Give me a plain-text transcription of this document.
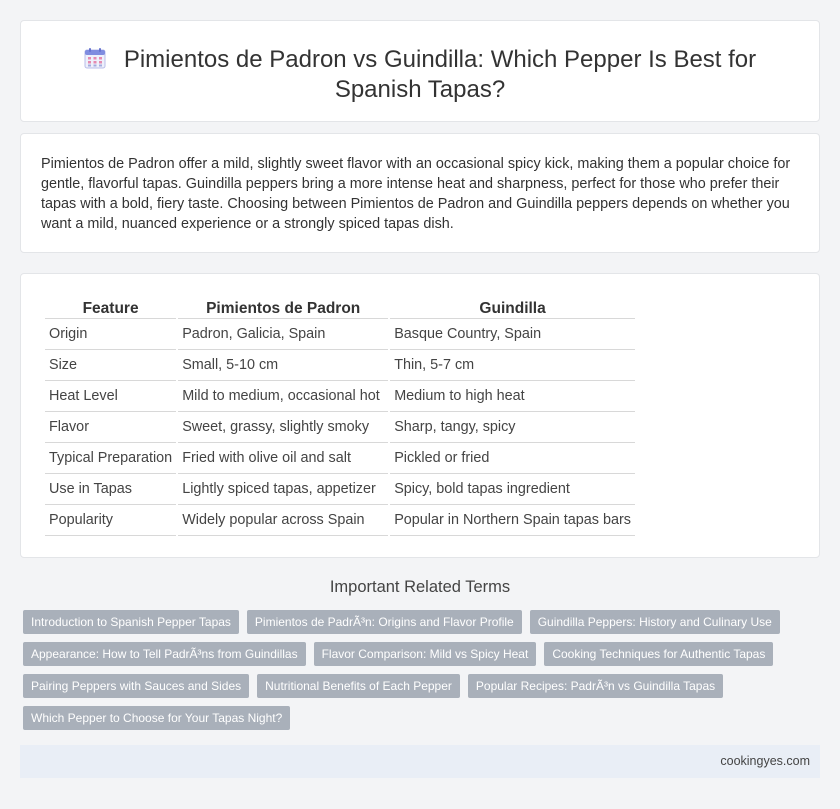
Pimientos de Padron vs Guindilla: Which Pepper Is Best for Spanish Tapas?

Pimientos de Padron offer a mild, slightly sweet flavor with an occasional spicy kick, making them a popular choice for gentle, flavorful tapas. Guindilla peppers bring a more intense heat and sharpness, perfect for those who prefer their tapas with a bold, fiery taste. Choosing between Pimientos de Padron and Guindilla peppers depends on whether you want a mild, nuanced experience or a strongly spiced tapas dish.

Feature	Pimientos de Padron	Guindilla
Origin	Padron, Galicia, Spain	Basque Country, Spain
Size	Small, 5-10 cm	Thin, 5-7 cm
Heat Level	Mild to medium, occasional hot	Medium to high heat
Flavor	Sweet, grassy, slightly smoky	Sharp, tangy, spicy
Typical Preparation	Fried with olive oil and salt	Pickled or fried
Use in Tapas	Lightly spiced tapas, appetizer	Spicy, bold tapas ingredient
Popularity	Widely popular across Spain	Popular in Northern Spain tapas bars
Important Related Terms
Introduction to Spanish Pepper Tapas	Pimientos de PadrÃ³n: Origins and Flavor Profile	Guindilla Peppers: History and Culinary Use
Appearance: How to Tell PadrÃ³ns from Guindillas	Flavor Comparison: Mild vs Spicy Heat	Cooking Techniques for Authentic Tapas
Pairing Peppers with Sauces and Sides	Nutritional Benefits of Each Pepper	Popular Recipes: PadrÃ³n vs Guindilla Tapas
Which Pepper to Choose for Your Tapas Night?
cookingyes.com
